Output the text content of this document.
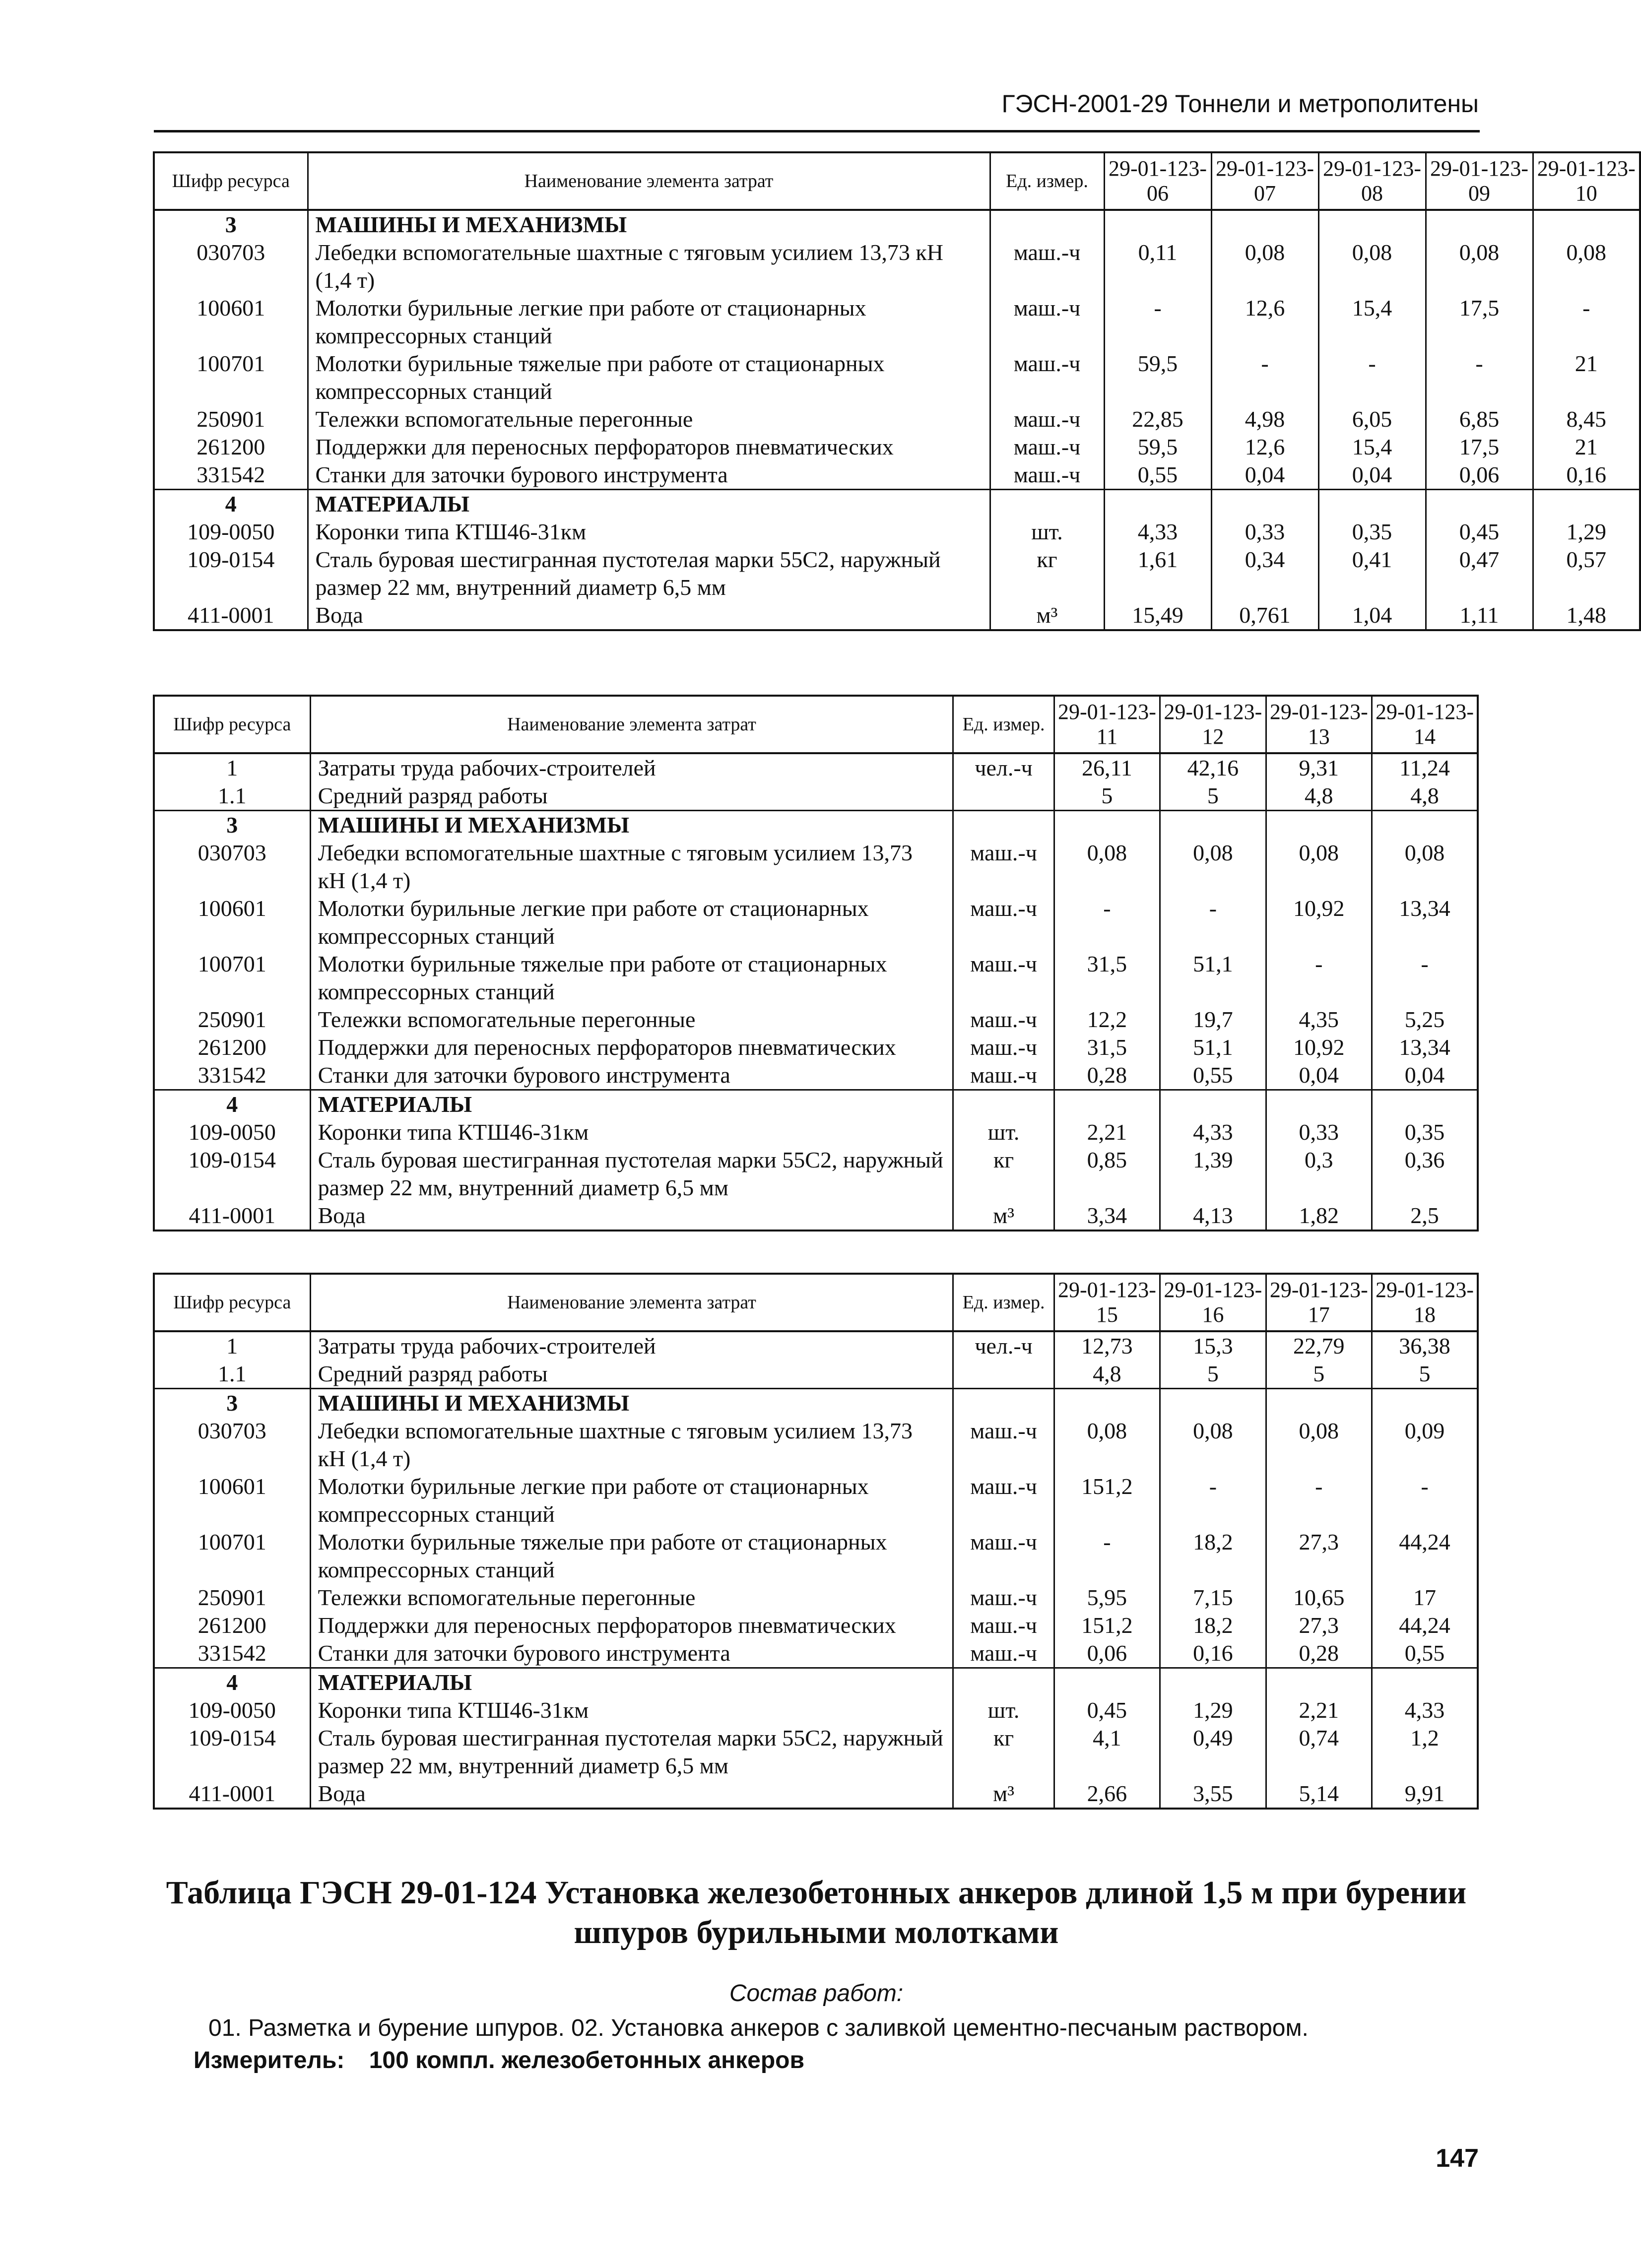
ГЭСН-2001-29 Тоннели и метрополитены
Шифр ресурса	Наименование элемента затрат	Ед. измер.	29-01-123-06	29-01-123-07	29-01-123-08	29-01-123-09	29-01-123-10
3	МАШИНЫ И МЕХАНИЗМЫ						
030703	Лебедки вспомогательные шахтные с тяговым усилием 13,73 кН (1,4 т)	маш.-ч	0,11	0,08	0,08	0,08	0,08
100601	Молотки бурильные легкие при работе от стационарных компрессорных станций	маш.-ч	-	12,6	15,4	17,5	-
100701	Молотки бурильные тяжелые при работе от стационарных компрессорных станций	маш.-ч	59,5	-	-	-	21
250901	Тележки вспомогательные перегонные	маш.-ч	22,85	4,98	6,05	6,85	8,45
261200	Поддержки для переносных перфораторов пневматических	маш.-ч	59,5	12,6	15,4	17,5	21
331542	Станки для заточки бурового инструмента	маш.-ч	0,55	0,04	0,04	0,06	0,16
4	МАТЕРИАЛЫ						
109-0050	Коронки типа КТШ46-31км	шт.	4,33	0,33	0,35	0,45	1,29
109-0154	Сталь буровая шестигранная пустотелая марки 55С2, наружный размер 22 мм, внутренний диаметр 6,5 мм	кг	1,61	0,34	0,41	0,47	0,57
411-0001	Вода	м³	15,49	0,761	1,04	1,11	1,48
Шифр ресурса	Наименование элемента затрат	Ед. измер.	29-01-123-11	29-01-123-12	29-01-123-13	29-01-123-14
1	Затраты труда рабочих-строителей	чел.-ч	26,11	42,16	9,31	11,24
1.1	Средний разряд работы		5	5	4,8	4,8
3	МАШИНЫ И МЕХАНИЗМЫ					
030703	Лебедки вспомогательные шахтные с тяговым усилием 13,73 кН (1,4 т)	маш.-ч	0,08	0,08	0,08	0,08
100601	Молотки бурильные легкие при работе от стационарных компрессорных станций	маш.-ч	-	-	10,92	13,34
100701	Молотки бурильные тяжелые при работе от стационарных компрессорных станций	маш.-ч	31,5	51,1	-	-
250901	Тележки вспомогательные перегонные	маш.-ч	12,2	19,7	4,35	5,25
261200	Поддержки для переносных перфораторов пневматических	маш.-ч	31,5	51,1	10,92	13,34
331542	Станки для заточки бурового инструмента	маш.-ч	0,28	0,55	0,04	0,04
4	МАТЕРИАЛЫ					
109-0050	Коронки типа КТШ46-31км	шт.	2,21	4,33	0,33	0,35
109-0154	Сталь буровая шестигранная пустотелая марки 55С2, наружный размер 22 мм, внутренний диаметр 6,5 мм	кг	0,85	1,39	0,3	0,36
411-0001	Вода	м³	3,34	4,13	1,82	2,5
Шифр ресурса	Наименование элемента затрат	Ед. измер.	29-01-123-15	29-01-123-16	29-01-123-17	29-01-123-18
1	Затраты труда рабочих-строителей	чел.-ч	12,73	15,3	22,79	36,38
1.1	Средний разряд работы		4,8	5	5	5
3	МАШИНЫ И МЕХАНИЗМЫ					
030703	Лебедки вспомогательные шахтные с тяговым усилием 13,73 кН (1,4 т)	маш.-ч	0,08	0,08	0,08	0,09
100601	Молотки бурильные легкие при работе от стационарных компрессорных станций	маш.-ч	151,2	-	-	-
100701	Молотки бурильные тяжелые при работе от стационарных компрессорных станций	маш.-ч	-	18,2	27,3	44,24
250901	Тележки вспомогательные перегонные	маш.-ч	5,95	7,15	10,65	17
261200	Поддержки для переносных перфораторов пневматических	маш.-ч	151,2	18,2	27,3	44,24
331542	Станки для заточки бурового инструмента	маш.-ч	0,06	0,16	0,28	0,55
4	МАТЕРИАЛЫ					
109-0050	Коронки типа КТШ46-31км	шт.	0,45	1,29	2,21	4,33
109-0154	Сталь буровая шестигранная пустотелая марки 55С2, наружный размер 22 мм, внутренний диаметр 6,5 мм	кг	4,1	0,49	0,74	1,2
411-0001	Вода	м³	2,66	3,55	5,14	9,91
Таблица ГЭСН 29-01-124 Установка железобетонных анкеров длиной 1,5 м при бурении шпуров бурильными молотками
Состав работ:
01. Разметка и бурение шпуров. 02. Установка анкеров с заливкой цементно-песчаным раствором.
Измеритель: 100 компл. железобетонных анкеров
147
